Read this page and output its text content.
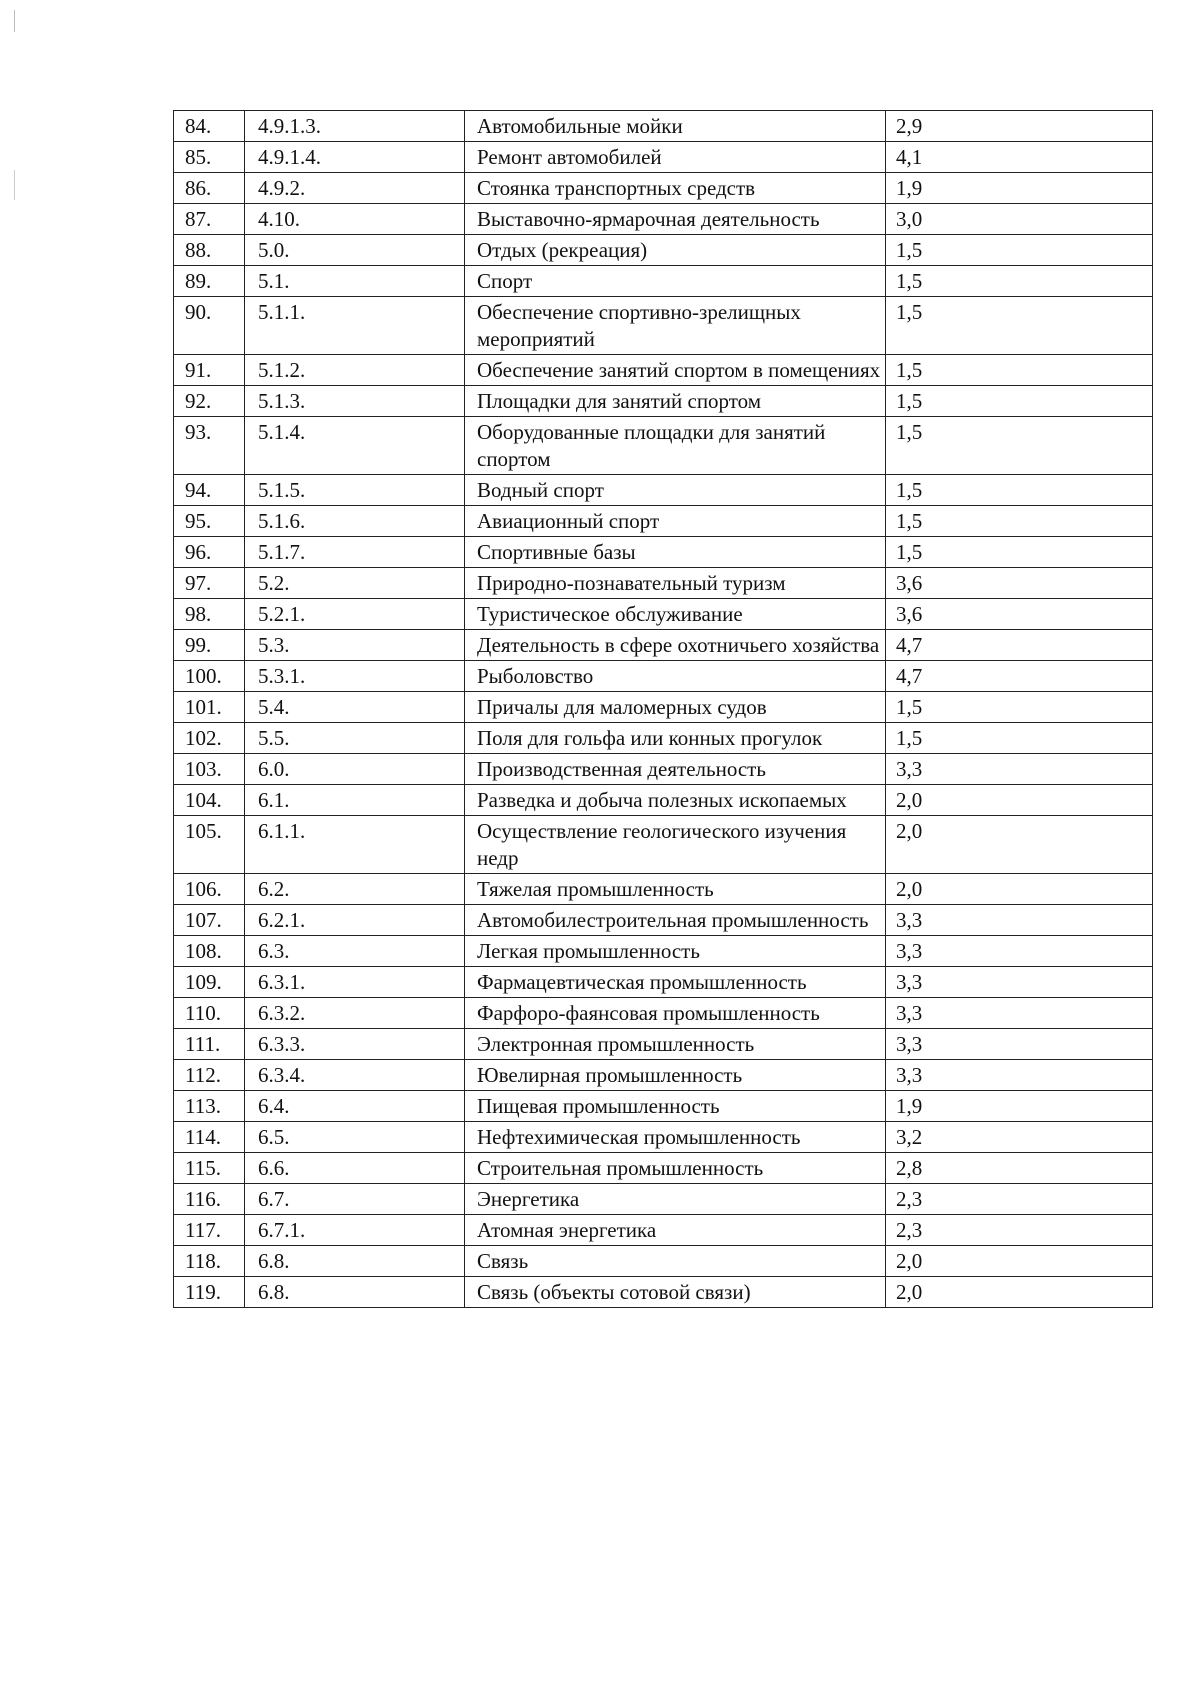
84.	4.9.1.3.	Автомобильные мойки	2,9
85.	4.9.1.4.	Ремонт автомобилей	4,1
86.	4.9.2.	Стоянка транспортных средств	1,9
87.	4.10.	Выставочно-ярмарочная деятельность	3,0
88.	5.0.	Отдых (рекреация)	1,5
89.	5.1.	Спорт	1,5
90.	5.1.1.	Обеспечение спортивно-зрелищных мероприятий	1,5
91.	5.1.2.	Обеспечение занятий спортом в помещениях	1,5
92.	5.1.3.	Площадки для занятий спортом	1,5
93.	5.1.4.	Оборудованные площадки для занятий спортом	1,5
94.	5.1.5.	Водный спорт	1,5
95.	5.1.6.	Авиационный спорт	1,5
96.	5.1.7.	Спортивные базы	1,5
97.	5.2.	Природно-познавательный туризм	3,6
98.	5.2.1.	Туристическое обслуживание	3,6
99.	5.3.	Деятельность в сфере охотничьего хозяйства	4,7
100.	5.3.1.	Рыболовство	4,7
101.	5.4.	Причалы для маломерных судов	1,5
102.	5.5.	Поля для гольфа или конных прогулок	1,5
103.	6.0.	Производственная деятельность	3,3
104.	6.1.	Разведка и добыча полезных ископаемых	2,0
105.	6.1.1.	Осуществление геологического изучения недр	2,0
106.	6.2.	Тяжелая промышленность	2,0
107.	6.2.1.	Автомобилестроительная промышленность	3,3
108.	6.3.	Легкая промышленность	3,3
109.	6.3.1.	Фармацевтическая промышленность	3,3
110.	6.3.2.	Фарфоро-фаянсовая промышленность	3,3
111.	6.3.3.	Электронная промышленность	3,3
112.	6.3.4.	Ювелирная промышленность	3,3
113.	6.4.	Пищевая промышленность	1,9
114.	6.5.	Нефтехимическая промышленность	3,2
115.	6.6.	Строительная промышленность	2,8
116.	6.7.	Энергетика	2,3
117.	6.7.1.	Атомная энергетика	2,3
118.	6.8.	Связь	2,0
119.	6.8.	Связь (объекты сотовой связи)	2,0
